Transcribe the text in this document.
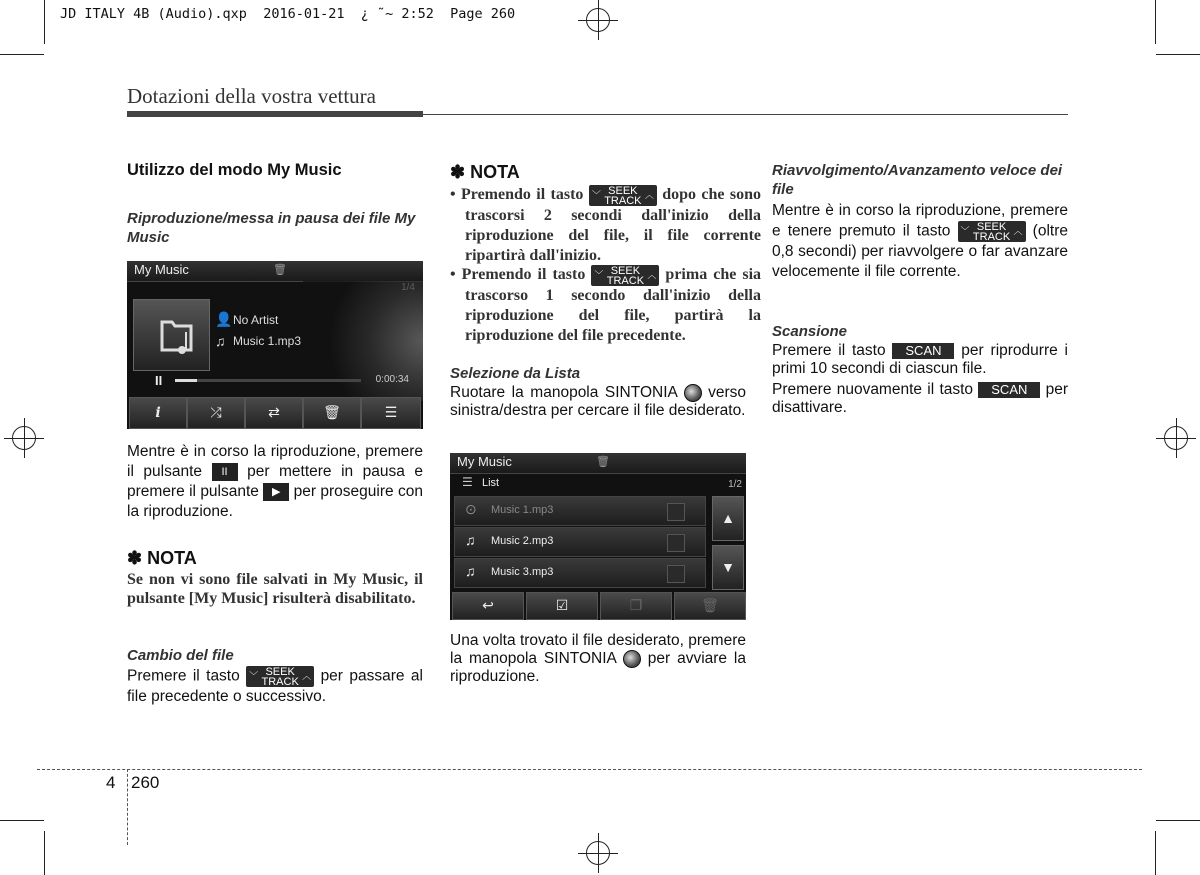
JD ITALY 4B (Audio).qxp  2016-01-21  ¿ ˜~ 2:52  Page 260
Dotazioni della vostra vettura
Utilizzo del modo My Music
Riproduzione/messa in pausa dei file My Music
My Music	🗑
👤 No Artist
♫ Music 1.mp3
II	0:00:34
i	⤮	⇄	🗑	☰
Mentre è in corso la riproduzione, premere il pulsante II per mettere in pausa e premere il pulsante ▶ per proseguire con la riproduzione.
✽ NOTA
Se non vi sono file salvati in My Music, il pulsante [My Music] risulterà disabilitato.
Cambio del file
Premere il tasto ﹀ SEEK
TRACK ︿ per passare al file precedente o successivo.
✽ NOTA
• Premendo il tasto ﹀ SEEK
TRACK ︿ dopo che sono trascorsi 2 secondi dall'inizio della riproduzione del file, il file corrente ripartirà dall'inizio.
• Premendo il tasto ﹀ SEEK
TRACK ︿ prima che sia trascorso 1 secondo dall'inizio della riproduzione del file, partirà la riproduzione del file precedente.
Selezione da Lista
Ruotare la manopola SINTONIA verso sinistra/destra per cercare il file desiderato.
My Music	🗑
☰ List	1/2
⊙ Music 1.mp3
♫ Music 2.mp3
♫ Music 3.mp3
▲
▼
↩	☑	❐	🗑
Una volta trovato il file desiderato, premere la manopola SINTONIA per avviare la riproduzione.
Riavvolgimento/Avanzamento veloce dei file
Mentre è in corso la riproduzione, premere e tenere premuto il tasto ﹀ SEEK
TRACK ︿ (oltre 0,8 secondi) per riavvolgere o far avanzare velocemente il file corrente.
Scansione
Premere il tasto SCAN per riprodurre i primi 10 secondi di ciascun file.
Premere nuovamente il tasto SCAN per disattivare.
4 260
